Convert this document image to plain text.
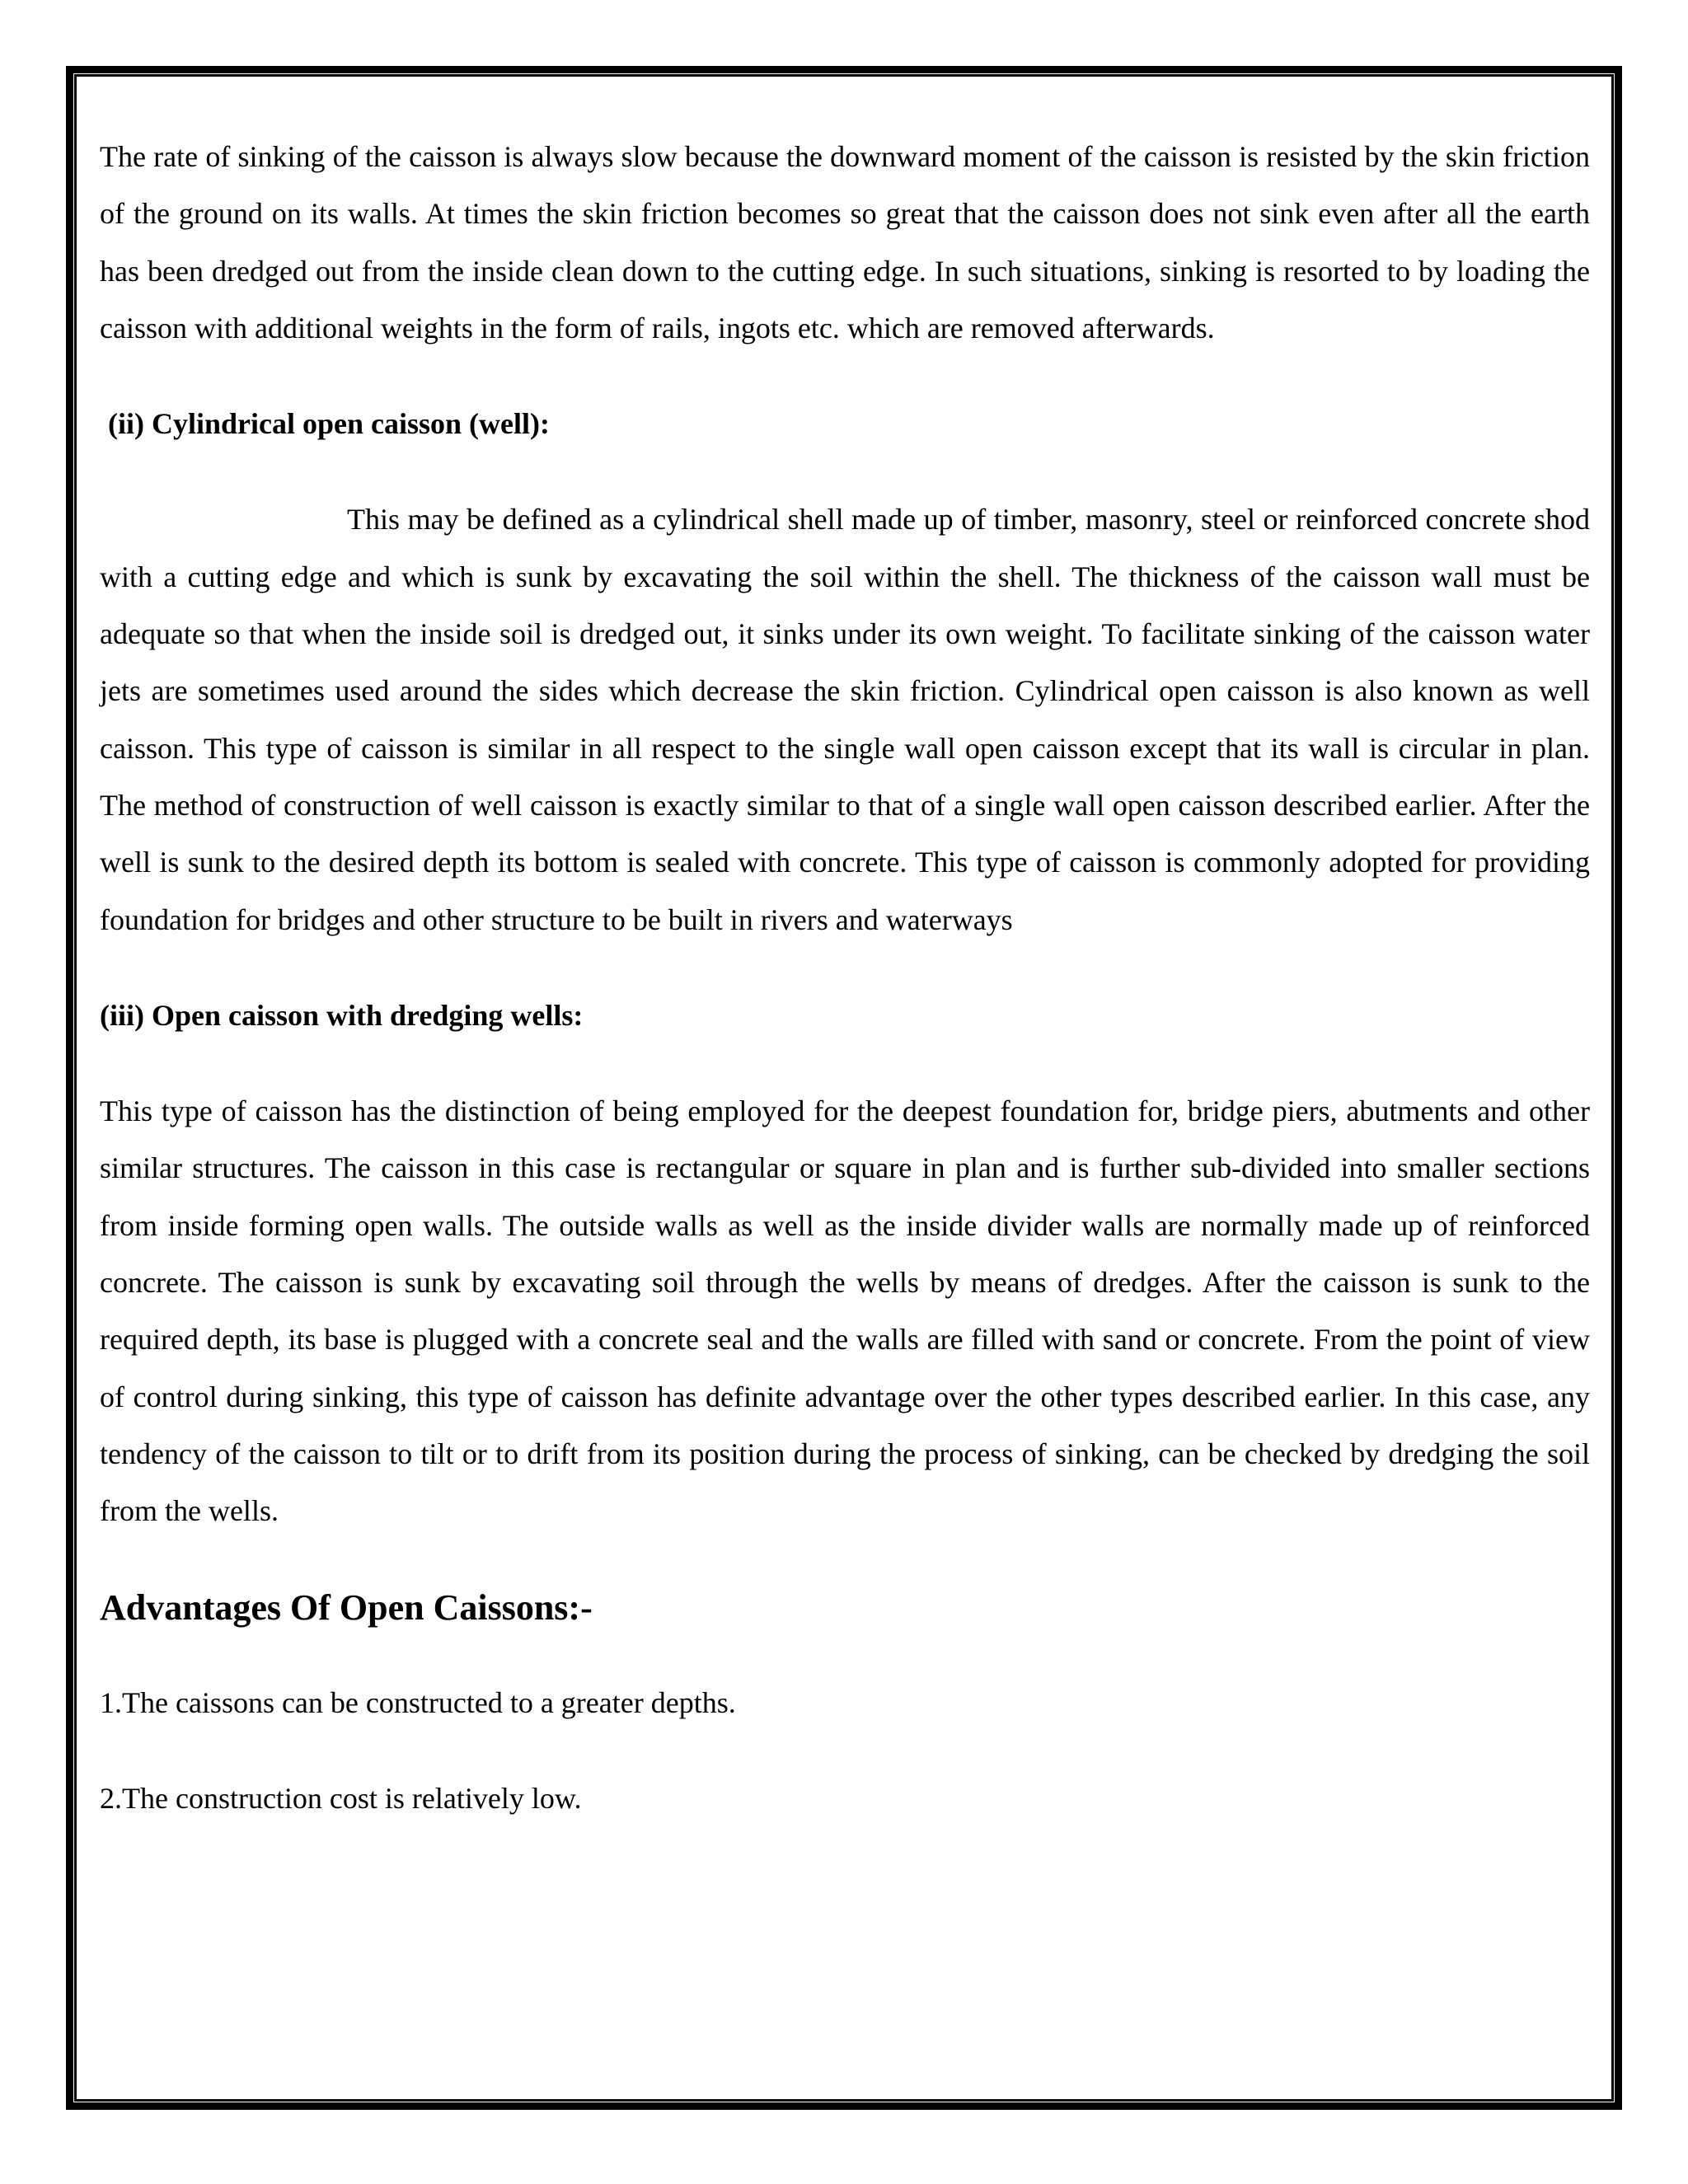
The rate of sinking of the caisson is always slow because the downward moment of the caisson is resisted by the skin friction of the ground on its walls. At times the skin friction becomes so great that the caisson does not sink even after all the earth has been dredged out from the inside clean down to the cutting edge. In such situations, sinking is resorted to by loading the caisson with additional weights in the form of rails, ingots etc. which are removed afterwards.

(ii) Cylindrical open caisson (well):

This may be defined as a cylindrical shell made up of timber, masonry, steel or reinforced concrete shod with a cutting edge and which is sunk by excavating the soil within the shell. The thickness of the caisson wall must be adequate so that when the inside soil is dredged out, it sinks under its own weight. To facilitate sinking of the caisson water jets are sometimes used around the sides which decrease the skin friction. Cylindrical open caisson is also known as well caisson. This type of caisson is similar in all respect to the single wall open caisson except that its wall is circular in plan. The method of construction of well caisson is exactly similar to that of a single wall open caisson described earlier. After the well is sunk to the desired depth its bottom is sealed with concrete. This type of caisson is commonly adopted for providing foundation for bridges and other structure to be built in rivers and waterways

(iii) Open caisson with dredging wells:

This type of caisson has the distinction of being employed for the deepest foundation for, bridge piers, abutments and other similar structures. The caisson in this case is rectangular or square in plan and is further sub-divided into smaller sections from inside forming open walls. The outside walls as well as the inside divider walls are normally made up of reinforced concrete. The caisson is sunk by excavating soil through the wells by means of dredges. After the caisson is sunk to the required depth, its base is plugged with a concrete seal and the walls are filled with sand or concrete. From the point of view of control during sinking, this type of caisson has definite advantage over the other types described earlier. In this case, any tendency of the caisson to tilt or to drift from its position during the process of sinking, can be checked by dredging the soil from the wells.

Advantages Of Open Caissons:-

1.The caissons can be constructed to a greater depths.

2.The construction cost is relatively low.
